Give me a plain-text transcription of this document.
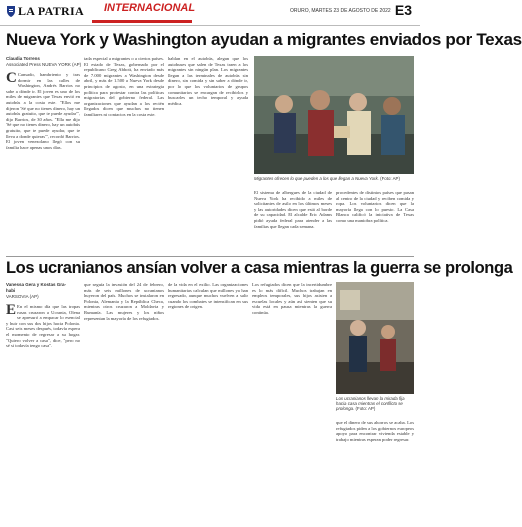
LA PATRIA	INTERNACIONAL	ORURO, MARTES 23 DE AGOSTO DE 2022 E3
Nueva York y Washington ayudan a migrantes enviados por Texas
Claudia Torrens
Associated Press NUEVA YORK (AP)
C Cansado, hambriento y tras dormir en las calles de Washington, Andrés Barrios no sabe a dónde ir. El joven es uno de los miles de migrantes que Texas envió en autobús a la costa este. "Ellos me dijeron 'Sé que no tienes dinero, hay un autobús gratuito, que te puede ayudar'", dijo Barrios, de 30 años. "Ella me dijo 'Sé que no tienes dinero, hay un autobús gratuito, que te puede ayudar, que te lleva a donde quieras'", recordó Barrios. El joven venezolano llegó con su familia hace apenas unos días.
tada especial a migrantes o a ciertos países. El estado de Texas, gobernado por el republicano Greg Abbott, ha enviado más de 7.000 migrantes a Washington desde abril, y más de 1.500 a Nueva York desde principios de agosto, en una estrategia política para protestar contra las políticas migratorias del gobierno federal. Las organizaciones que ayudan a los recién llegados dicen que muchos no tienen familiares ni contactos en la costa este.
hablan en el autobús, alegan que los autobuses que salen de Texas traen a los migrantes sin ningún plan. Los migrantes llegan a las terminales de autobús sin dinero, sin comida y sin saber a dónde ir, por lo que los voluntarios de grupos comunitarios se encargan de recibirlos y buscarles un techo temporal y ayuda médica.
Migrantes ofrecen lo que pueden a los que llegan a Nueva York. (Foto: AP)
El sistema de albergues de la ciudad de Nueva York ha recibido a miles de solicitantes de asilo en los últimos meses y las autoridades dicen que está al borde de su capacidad. El alcalde Eric Adams pidió ayuda federal para atender a las familias que llegan cada semana.
procedentes de distintos países que pasan al centro de la ciudad y reciben comida y ropa. Los voluntarios dicen que la mayoría llega con lo puesto. La Casa Blanca calificó la iniciativa de Texas como una maniobra política.
Los ucranianos ansían volver a casa mientras la guerra se prolonga
Vanessa Gera y Kostas Gra-
habi
VARSOVIA (AP)
E En el mismo día que las tropas rusas cruzaron a Ucrania, Olena se apresuró a empacar lo esencial y huir con sus dos hijos hacia Polonia. Casi seis meses después, todavía espera el momento de regresar a su hogar. "Quiero volver a casa", dice, "pero no sé si todavía tengo casa".
que seguía la invasión del 24 de febrero, más de seis millones de ucranianos huyeron del país. Muchos se instalaron en Polonia, Alemania y la República Checa, mientras otros cruzaron a Moldavia y Rumanía. Las mujeres y los niños representan la mayoría de los refugiados.
de la vida en el exilio. Las organizaciones humanitarias calculan que millones ya han regresado, aunque muchos vuelven a salir cuando los combates se intensifican en sus regiones de origen.
Los refugiados dicen que la incertidumbre es lo más difícil. Muchos trabajan en empleos temporales, sus hijos asisten a escuelas locales y aún así sienten que su vida está en pausa mientras la guerra continúa.
Los ucranianos llevan la mirada fija hacia casa mientras el conflicto se prolonga. (Foto: AP)
que el dinero de sus ahorros se acaba. Los refugiados piden a los gobiernos europeos apoyo para encontrar vivienda estable y trabajo mientras esperan poder regresar.
